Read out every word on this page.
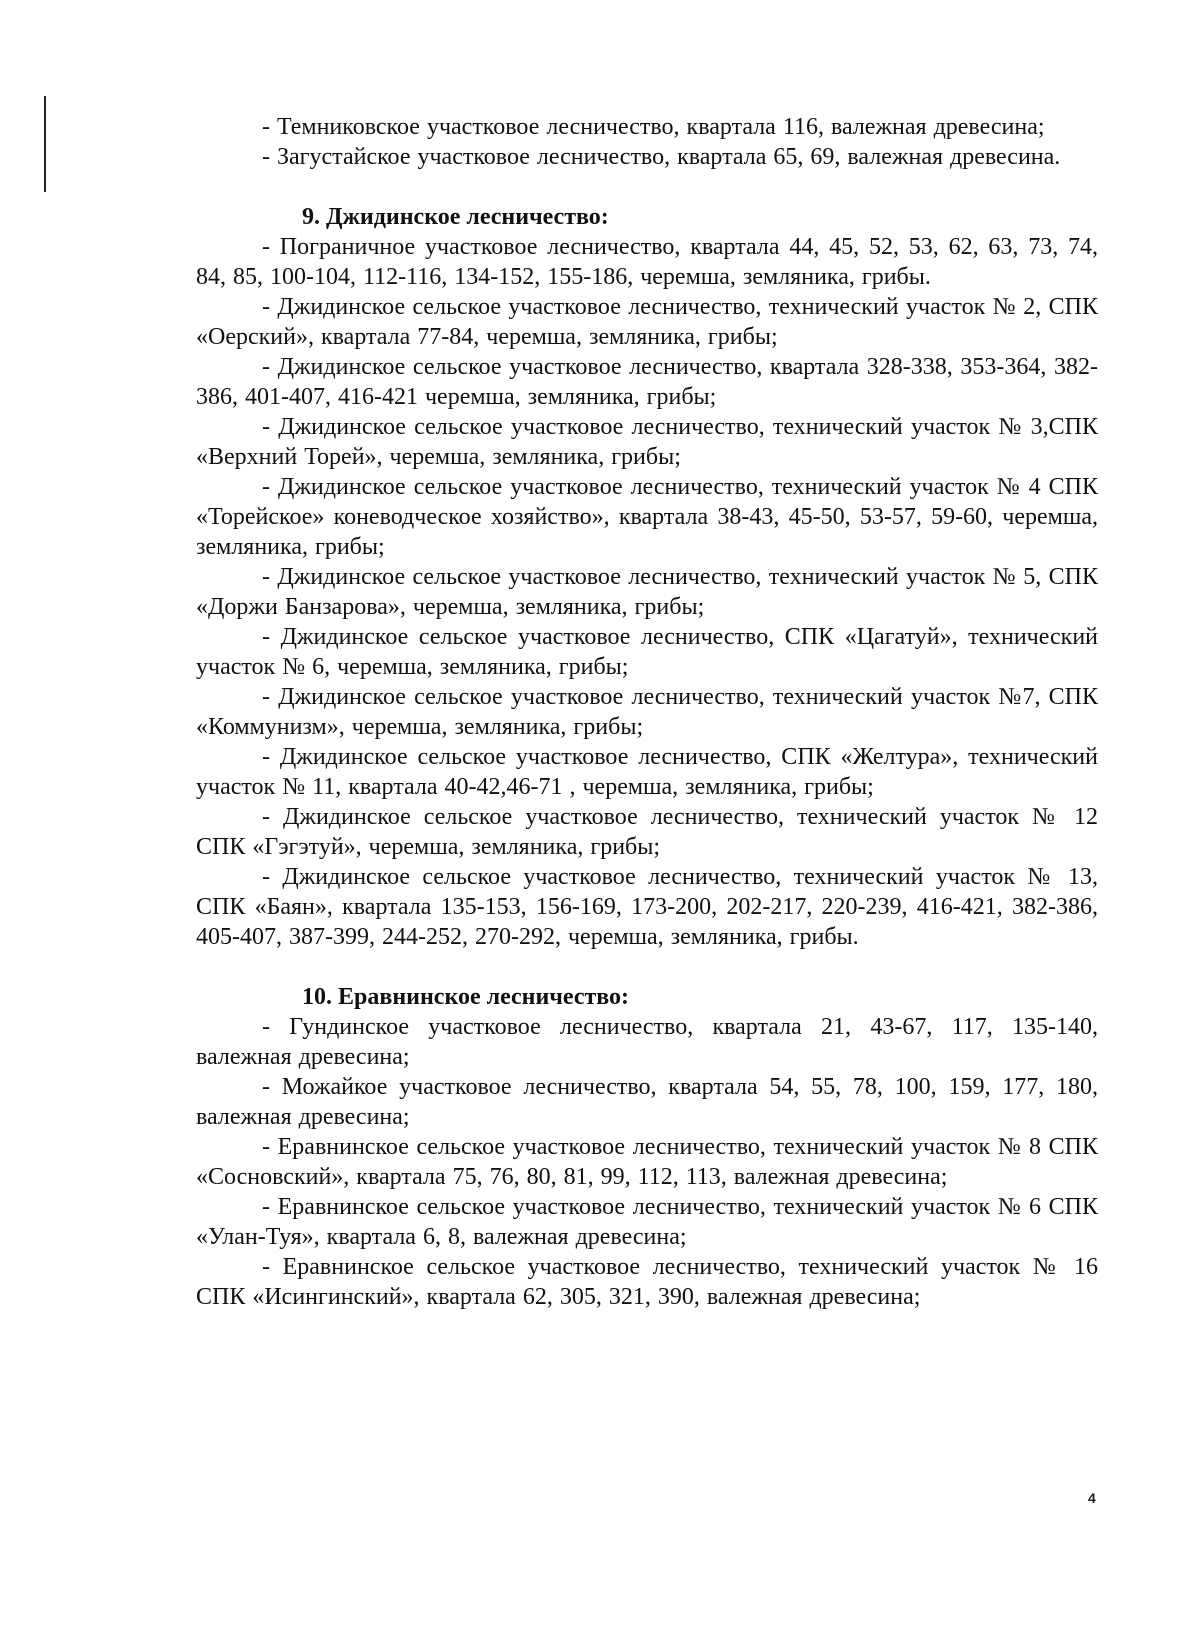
- Темниковское участковое лесничество, квартала 116, валежная древесина;

- Загустайское участковое лесничество, квартала 65, 69, валежная древесина.

9. Джидинское лесничество:

- Пограничное участковое лесничество, квартала 44, 45, 52, 53, 62, 63, 73, 74, 84, 85, 100-104, 112-116, 134-152, 155-186, черемша, земляника, грибы.

- Джидинское сельское участковое лесничество, технический участок № 2, СПК «Оерский», квартала 77-84, черемша, земляника, грибы;

- Джидинское сельское участковое лесничество, квартала 328-338, 353-364, 382-386, 401-407, 416-421 черемша, земляника, грибы;

- Джидинское сельское участковое лесничество, технический участок № 3,СПК «Верхний Торей», черемша, земляника, грибы;

- Джидинское сельское участковое лесничество, технический участок № 4 СПК «Торейское» коневодческое хозяйство», квартала 38-43, 45-50, 53-57, 59-60, черемша, земляника, грибы;

- Джидинское сельское участковое лесничество, технический участок № 5, СПК «Доржи Банзарова», черемша, земляника, грибы;

- Джидинское сельское участковое лесничество, СПК «Цагатуй», технический участок № 6, черемша, земляника, грибы;

- Джидинское сельское участковое лесничество, технический участок №7, СПК «Коммунизм», черемша, земляника, грибы;

- Джидинское сельское участковое лесничество, СПК «Желтура», технический участок № 11, квартала 40-42,46-71 , черемша, земляника, грибы;

- Джидинское сельское участковое лесничество, технический участок № 12 СПК «Гэгэтуй», черемша, земляника, грибы;

- Джидинское сельское участковое лесничество, технический участок № 13, СПК «Баян», квартала 135-153, 156-169, 173-200, 202-217, 220-239, 416-421, 382-386, 405-407, 387-399, 244-252, 270-292, черемша, земляника, грибы.

10. Еравнинское лесничество:

- Гундинское участковое лесничество, квартала 21, 43-67, 117, 135-140, валежная древесина;

- Можайкое участковое лесничество, квартала 54, 55, 78, 100, 159, 177, 180, валежная древесина;

- Еравнинское сельское участковое лесничество, технический участок № 8 СПК «Сосновский», квартала 75, 76, 80, 81, 99, 112, 113, валежная древесина;

- Еравнинское сельское участковое лесничество, технический участок № 6 СПК «Улан-Туя», квартала 6, 8, валежная древесина;

- Еравнинское сельское участковое лесничество, технический участок № 16 СПК «Исингинский», квартала 62, 305, 321, 390, валежная древесина;

4
